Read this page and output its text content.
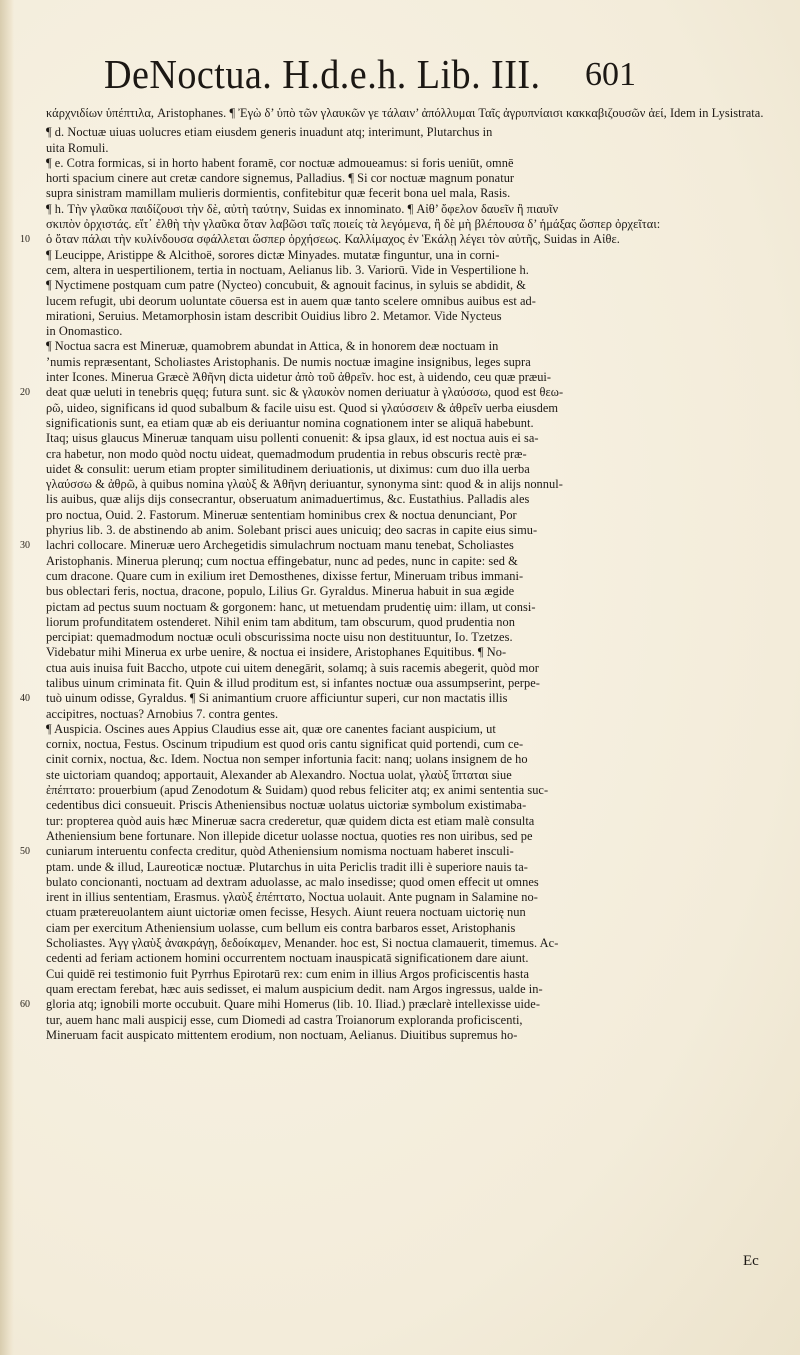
DeNoctua. H.d.e.h. Lib. III. 601
κάρχνιδίων ὑπέπτιλα, Aristophanes. ¶ Ἐγὼ δ’ ὑπὸ τῶν γλαυκῶν γε τάλαιν’ ἀπόλλυμαι Ταῖς ἀγρυπνίαισι κακκαβιζουσῶν ἀεί, Idem in Lysistrata.
¶ d. Noctuæ uiuas uolucres etiam eiusdem generis inuadunt atq; interimunt, Plutarchus in
uita Romuli.
¶ e. Cotra formicas, si in horto habent foramē, cor noctuæ admoueamus: si foris ueniūt, omnē
horti spacium cinere aut cretæ candore signemus, Palladius. ¶ Si cor noctuæ magnum ponatur
supra sinistram mamillam mulieris dormientis, confitebitur quæ fecerit bona uel mala, Rasis.
¶ h. Τὴν γλαῦκα παιδίζουσι τὴν δὲ, αὐτὴ ταύτην, Suidas ex innominato. ¶ Αἰθ’ ὄφελον δαυεῖν ἢ πιαυῖν
σκιπὸν ὀρχιστάς. εἴτ᾽ ἐλθὴ τὴν γλαῦκα ὅταν λαβῶσι ταῖς ποιείς τὰ λεγόμενα, ἢ δὲ μὴ βλέπουσα δ’ ἡμάξας ὥσπερ ὀρχεῖται:
10	ὁ ὅταν πάλαι τὴν κυλίνδουσα σφάλλεται ὥσπερ ὀρχήσεως. Καλλίμαχος ἐν Ἑκάλῃ λέγει τὸν αὐτῆς, Suidas in Αἰθε.
¶ Leucippe, Aristippe & Alcithoë, sorores dictæ Minyades. mutatæ finguntur, una in corni-
cem, altera in uespertilionem, tertia in noctuam, Aelianus lib. 3. Variorū. Vide in Vespertilione h.
¶ Nyctimene postquam cum patre (Nycteo) concubuit, & agnouit facinus, in syluis se abdidit, &
lucem refugit, ubi deorum uoluntate cōuersa est in auem quæ tanto scelere omnibus auibus est ad-
mirationi, Seruius. Metamorphosin istam describit Ouidius libro 2. Metamor. Vide Nycteus
in Onomastico.
¶ Noctua sacra est Mineruæ, quamobrem abundat in Attica, & in honorem deæ noctuam in
’numis repræsentant, Scholiastes Aristophanis. De numis noctuæ imagine insignibus, leges supra
inter Icones. Minerua Græcè Ἀθῆνη dicta uidetur ἀπὸ τοῦ ἀθρεῖν. hoc est, à uidendo, ceu quæ præui-
20	deat quæ ueluti in tenebris quęq; futura sunt. sic & γλαυκὸν nomen deriuatur à γλαύσσω, quod est θεω-
ρῶ, uideo, significans id quod subalbum & facile uisu est. Quod si γλαύσσειν & ἀθρεῖν uerba eiusdem
significationis sunt, ea etiam quæ ab eis deriuantur nomina cognationem inter se aliquā habebunt.
Itaq; uisus glaucus Mineruæ tanquam uisu pollenti conuenit: & ipsa glaux, id est noctua auis ei sa-
cra habetur, non modo quòd noctu uideat, quemadmodum prudentia in rebus obscuris rectè præ-
uidet & consulit: uerum etiam propter similitudinem deriuationis, ut diximus: cum duo illa uerba
γλαύσσω & ἀθρῶ, à quibus nomina γλαὺξ & Ἀθῆνη deriuantur, synonyma sint: quod & in alijs nonnul-
lis auibus, quæ alijs dijs consecrantur, obseruatum animaduertimus, &c. Eustathius. Palladis ales
pro noctua, Ouid. 2. Fastorum. Mineruæ sententiam hominibus crex & noctua denunciant, Por
phyrius lib. 3. de abstinendo ab anim. Solebant prisci aues unicuiq; deo sacras in capite eius simu-
30	lachri collocare. Mineruæ uero Archegetidis simulachrum noctuam manu tenebat, Scholiastes
Aristophanis. Minerua plerunq; cum noctua effingebatur, nunc ad pedes, nunc in capite: sed &
cum dracone. Quare cum in exilium iret Demosthenes, dixisse fertur, Mineruam tribus immani-
bus oblectari feris, noctua, dracone, populo, Lilius Gr. Gyraldus. Minerua habuit in sua ægide
pictam ad pectus suum noctuam & gorgonem: hanc, ut metuendam prudentię uim: illam, ut consi-
liorum profunditatem ostenderet. Nihil enim tam abditum, tam obscurum, quod prudentia non
percipiat: quemadmodum noctuæ oculi obscurissima nocte uisu non destituuntur, Io. Tzetzes.
Videbatur mihi Minerua ex urbe uenire, & noctua ei insidere, Aristophanes Equitibus. ¶ No-
ctua auis inuisa fuit Baccho, utpote cui uitem denegārit, solamq; à suis racemis abegerit, quòd mor
talibus uinum criminata fit. Quin & illud proditum est, si infantes noctuæ oua assumpserint, perpe-
40	tuò uinum odisse, Gyraldus. ¶ Si animantium cruore afficiuntur superi, cur non mactatis illis
accipitres, noctuas? Arnobius 7. contra gentes.
¶ Auspicia. Oscines aues Appius Claudius esse ait, quæ ore canentes faciant auspicium, ut
cornix, noctua, Festus. Oscinum tripudium est quod oris cantu significat quid portendi, cum ce-
cinit cornix, noctua, &c. Idem. Noctua non semper infortunia facit: nanq; uolans insignem de ho
ste uictoriam quandoq; apportauit, Alexander ab Alexandro. Noctua uolat, γλαὺξ ἵπταται siue
ἐπέπτατο: prouerbium (apud Zenodotum & Suidam) quod rebus feliciter atq; ex animi sententia suc-
cedentibus dici consueuit. Priscis Atheniensibus noctuæ uolatus uictoriæ symbolum existimaba-
tur: propterea quòd auis hæc Mineruæ sacra crederetur, quæ quidem dicta est etiam malè consulta
Atheniensium bene fortunare. Non illepide dicetur uolasse noctua, quoties res non uiribus, sed pe
50	cuniarum interuentu confecta creditur, quòd Atheniensium nomisma noctuam haberet insculi-
ptam. unde & illud, Laureoticæ noctuæ. Plutarchus in uita Periclis tradit illi è superiore nauis ta-
bulato concionanti, noctuam ad dextram aduolasse, ac malo insedisse; quod omen effecit ut omnes
irent in illius sententiam, Erasmus. γλαὺξ ἐπέπτατο, Noctua uolauit. Ante pugnam in Salamine no-
ctuam prætereuolantem aiunt uictoriæ omen fecisse, Hesych. Aiunt reuera noctuam uictorię nun
ciam per exercitum Atheniensium uolasse, cum bellum eis contra barbaros esset, Aristophanis
Scholiastes. Ἀγγ γλαὺξ ἀνακράγῃ, δεδοίκαμεν, Menander. hoc est, Si noctua clamauerit, timemus. Ac-
cedenti ad feriam actionem homini occurrentem noctuam inauspicatā significationem dare aiunt.
Cui quidē rei testimonio fuit Pyrrhus Epirotarū rex: cum enim in illius Argos proficiscentis hasta
quam erectam ferebat, hæc auis sedisset, ei malum auspicium dedit. nam Argos ingressus, ualde in-
60	gloria atq; ignobili morte occubuit. Quare mihi Homerus (lib. 10. Iliad.) præclarè intellexisse uide-
tur, auem hanc mali auspicij esse, cum Diomedi ad castra Troianorum exploranda proficiscenti,
Mineruam facit auspicato mittentem erodium, non noctuam, Aelianus. Diuitibus supremus ho-
Ec
